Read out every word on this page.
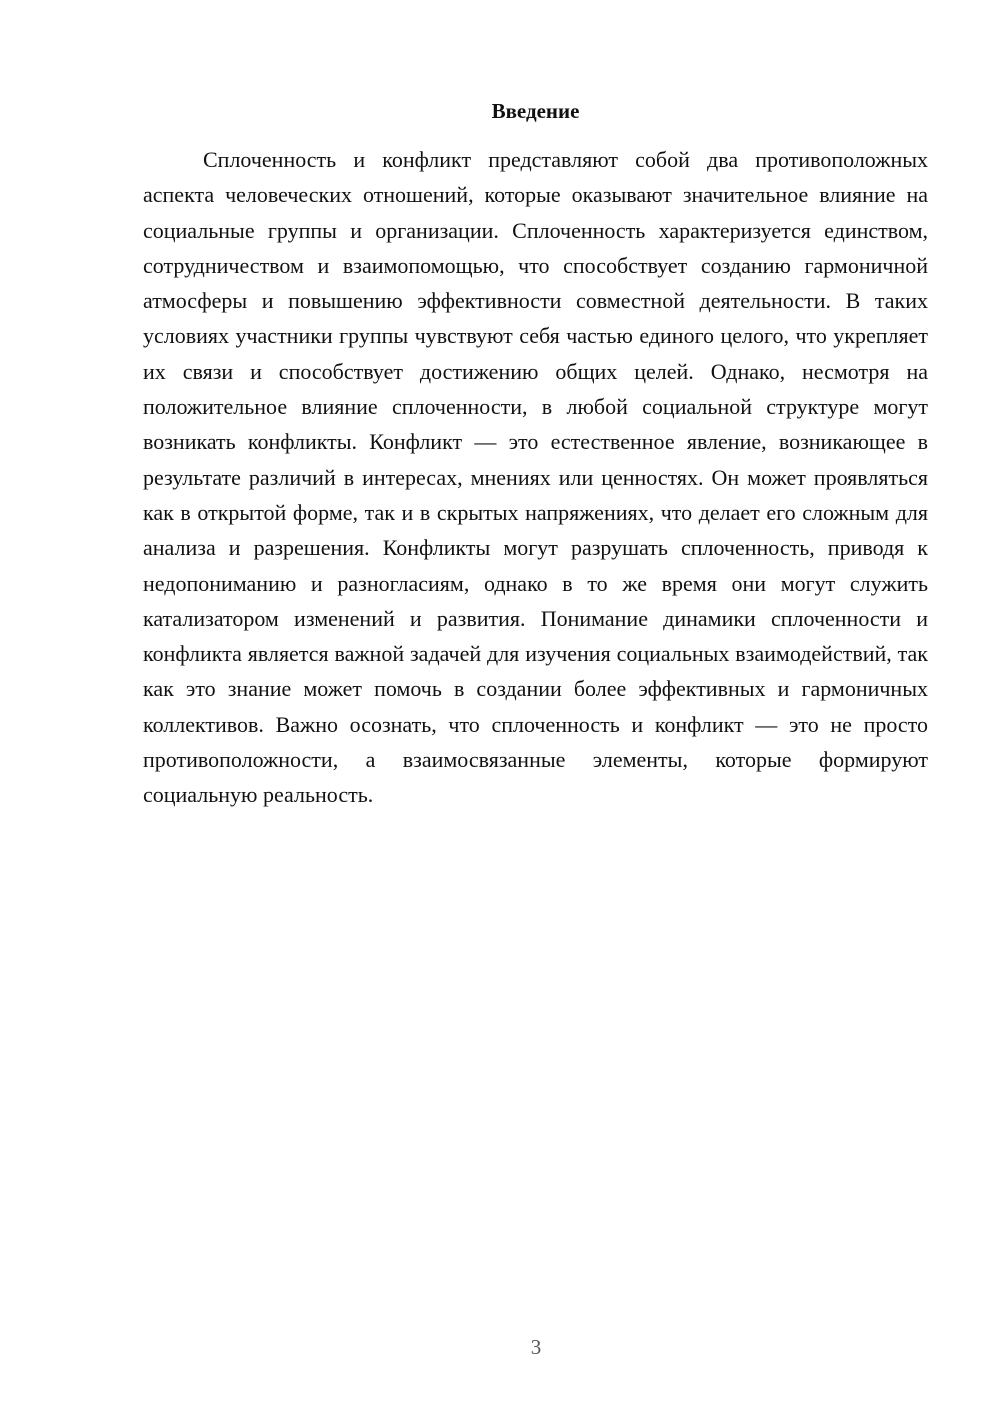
Введение

Сплоченность и конфликт представляют собой два противоположных аспекта человеческих отношений, которые оказывают значительное влияние на социальные группы и организации. Сплоченность характеризуется единством, сотрудничеством и взаимопомощью, что способствует созданию гармоничной атмосферы и повышению эффективности совместной деятельности. В таких условиях участники группы чувствуют себя частью единого целого, что укрепляет их связи и способствует достижению общих целей. Однако, несмотря на положительное влияние сплоченности, в любой социальной структуре могут возникать конфликты. Конфликт — это естественное явление, возникающее в результате различий в интересах, мнениях или ценностях. Он может проявляться как в открытой форме, так и в скрытых напряжениях, что делает его сложным для анализа и разрешения. Конфликты могут разрушать сплоченность, приводя к недопониманию и разногласиям, однако в то же время они могут служить катализатором изменений и развития. Понимание динамики сплоченности и конфликта является важной задачей для изучения социальных взаимодействий, так как это знание может помочь в создании более эффективных и гармоничных коллективов. Важно осознать, что сплоченность и конфликт — это не просто противоположности, а взаимосвязанные элементы, которые формируют социальную реальность.

3
